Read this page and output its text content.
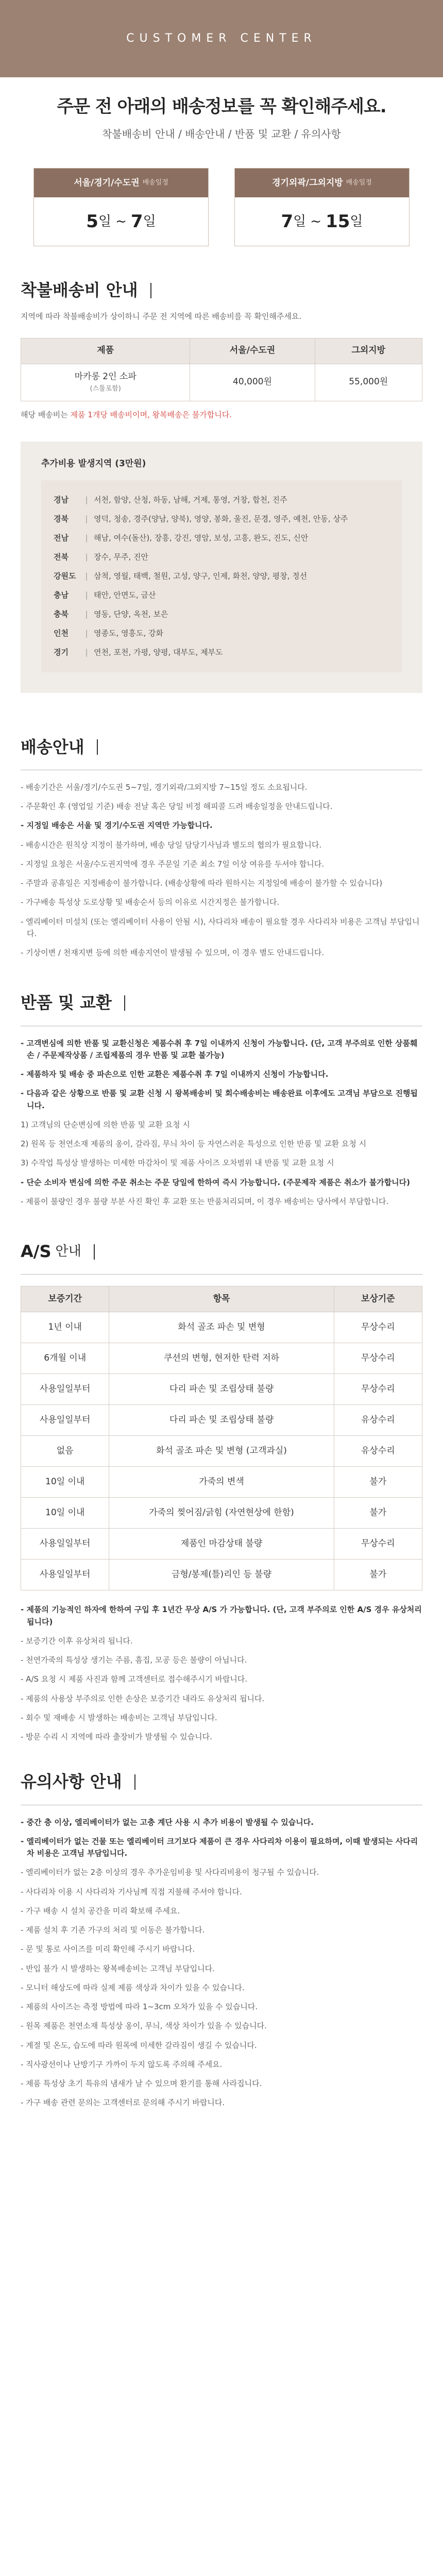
CUSTOMER CENTER
주문 전 아래의 배송정보를 꼭 확인해주세요.
착불배송비 안내 / 배송안내 / 반품 및 교환 / 유의사항
서울/경기/수도권 배송일정
5 일 ~ 7 일
경기외곽/그외지방 배송일정
7 일 ~ 15 일
착불배송비 안내
지역에 따라 착불배송비가 상이하니 주문 전 지역에 따른 배송비를 꼭 확인해주세요.
제품	서울/수도권	그외지방

마카롱 2인 소파
(스툴포함)	40,000원	55,000원
해당 배송비는 제품 1개당 배송비이며, 왕복배송은 불가합니다.
추가비용 발생지역 (3만원)
경남	| 서천, 함양, 산청, 하동, 남해, 거제, 통영, 거창, 합천, 진주
경북	| 영덕, 청송, 경주(양남, 양북), 영양, 봉화, 울진, 문경, 영주, 예천, 안동, 상주
전남	| 해남, 여수(돌산), 장흥, 강진, 영암, 보성, 고흥, 완도, 진도, 신안
전북	| 장수, 무주, 진안
강원도	| 삼척, 영월, 태백, 철원, 고성, 양구, 인제, 화천, 양양, 평창, 정선
충남	| 태안, 안면도, 금산
충북	| 영동, 단양, 옥천, 보은
인천	| 영종도, 영흥도, 강화
경기	| 연천, 포천, 가평, 양평, 대부도, 제부도
배송안내
- 배송기간은 서울/경기/수도권 5~7일, 경기외곽/그외지방 7~15일 정도 소요됩니다.
- 주문확인 후 (영업일 기준) 배송 전날 혹은 당일 비정 해피콜 드려 배송일정을 안내드립니다.
- 지정일 배송은 서울 및 경기/수도권 지역만 가능합니다.
- 배송시간은 원칙상 지정이 불가하며, 배송 당일 담당기사님과 별도의 협의가 필요합니다.
- 지정일 요청은 서울/수도권지역에 경우 주문일 기준 최소 7일 이상 여유를 두셔야 합니다.
- 주말과 공휴일은 지정배송이 불가합니다. (배송상황에 따라 원하시는 지정일에 배송이 불가할 수 있습니다)
- 가구배송 특성상 도로상황 및 배송순서 등의 이유로 시간지정은 불가합니다.
- 엘리베이터 미설치 (또는 엘리베이터 사용이 안될 시), 사다리차 배송이 필요할 경우 사다리차 비용은 고객님 부담입니다.
- 기상이변 / 천재지변 등에 의한 배송지연이 발생될 수 있으며, 이 경우 별도 안내드립니다.
반품 및 교환
- 고객변심에 의한 반품 및 교환신청은 제품수취 후 7일 이내까지 신청이 가능합니다. (단, 고객 부주의로 인한 상품훼손 / 주문제작상품 / 조립제품의 경우 반품 및 교환 불가능)
- 제품하자 및 배송 중 파손으로 인한 교환은 제품수취 후 7일 이내까지 신청이 가능합니다.
- 다음과 같은 상황으로 반품 및 교환 신청 시 왕복배송비 및 회수배송비는 배송완료 이후에도 고객님 부담으로 진행됩니다.
1) 고객님의 단순변심에 의한 반품 및 교환 요청 시
2) 원목 등 천연소재 제품의 옹이, 갈라짐, 무늬 차이 등 자연스러운 특성으로 인한 반품 및 교환 요청 시
3) 수작업 특성상 발생하는 미세한 마감차이 및 제품 사이즈 오차범위 내 반품 및 교환 요청 시
- 단순 소비자 변심에 의한 주문 취소는 주문 당일에 한하여 즉시 가능합니다. (주문제작 제품은 취소가 불가합니다)
- 제품이 불량인 경우 불량 부분 사진 확인 후 교환 또는 반품처리되며, 이 경우 배송비는 당사에서 부담합니다.
A/S 안내
보증기간	항목	보상기준
1년 이내	화석 골조 파손 및 변형	무상수리
6개월 이내	쿠션의 변형, 현저한 탄력 저하	무상수리
사용일일부터	다리 파손 및 조립상태 불량	무상수리
사용일일부터	다리 파손 및 조립상태 불량	유상수리
없음	화석 골조 파손 및 변형 (고객과실)	유상수리
10일 이내	가죽의 변색	불가
10일 이내	가죽의 찢어짐/긁힘 (자연현상에 한함)	불가
사용일일부터	제품인 마감상태 불량	무상수리
사용일일부터	금형/봉제(틀)리인 등 불량	불가
- 제품의 기능적인 하자에 한하여 구입 후 1년간 무상 A/S 가 가능합니다. (단, 고객 부주의로 인한 A/S 경우 유상처리 됩니다)
- 보증기간 이후 유상처리 됩니다.
- 천연가죽의 특성상 생기는 주름, 흠집, 모공 등은 불량이 아닙니다.
- A/S 요청 시 제품 사진과 함께 고객센터로 접수해주시기 바랍니다.
- 제품의 사용상 부주의로 인한 손상은 보증기간 내라도 유상처리 됩니다.
- 회수 및 재배송 시 발생하는 배송비는 고객님 부담입니다.
- 방문 수리 시 지역에 따라 출장비가 발생될 수 있습니다.
유의사항 안내
- 중간 층 이상, 엘리베이터가 없는 고층 계단 사용 시 추가 비용이 발생될 수 있습니다.
- 엘리베이터가 없는 건물 또는 엘리베이터 크기보다 제품이 큰 경우 사다리차 이용이 필요하며, 이때 발생되는 사다리차 비용은 고객님 부담입니다.
- 엘리베이터가 없는 2층 이상의 경우 추가운임비용 및 사다리비용이 청구될 수 있습니다.
- 사다리차 이용 시 사다리차 기사님께 직접 지불해 주셔야 합니다.
- 가구 배송 시 설치 공간을 미리 확보해 주세요.
- 제품 설치 후 기존 가구의 처리 및 이동은 불가합니다.
- 문 및 통로 사이즈를 미리 확인해 주시기 바랍니다.
- 반입 불가 시 발생하는 왕복배송비는 고객님 부담입니다.
- 모니터 해상도에 따라 실제 제품 색상과 차이가 있을 수 있습니다.
- 제품의 사이즈는 측정 방법에 따라 1~3cm 오차가 있을 수 있습니다.
- 원목 제품은 천연소재 특성상 옹이, 무늬, 색상 차이가 있을 수 있습니다.
- 계절 및 온도, 습도에 따라 원목에 미세한 갈라짐이 생길 수 있습니다.
- 직사광선이나 난방기구 가까이 두지 않도록 주의해 주세요.
- 제품 특성상 초기 특유의 냄새가 날 수 있으며 환기를 통해 사라집니다.
- 가구 배송 관련 문의는 고객센터로 문의해 주시기 바랍니다.
